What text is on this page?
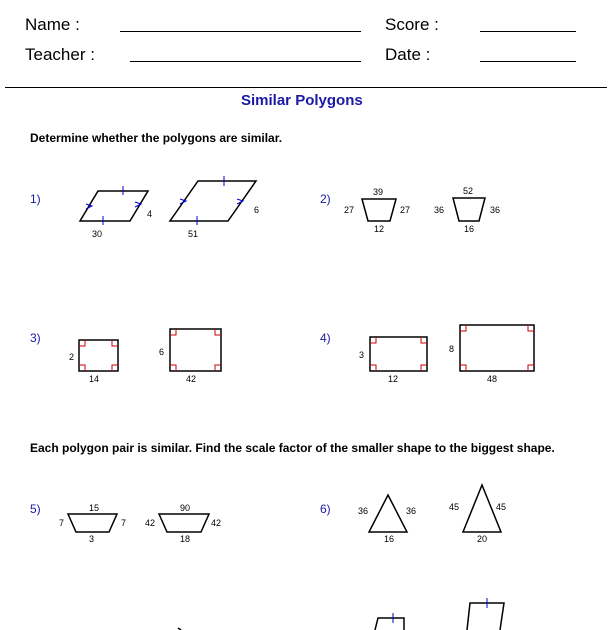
Name :	Score :
Teacher :	Date :
Similar Polygons
Determine whether the polygons are similar.
1)	2)
3)	4)
Each polygon pair is similar. Find the scale factor of the smaller shape to the biggest shape.
5)	6)
30
4
51
6
39
27	27
12
52
36	36
16
2
14
6
42
3
12
8
48
15
7	7
3
90
42	42
18
36	36
16
45	45
20
